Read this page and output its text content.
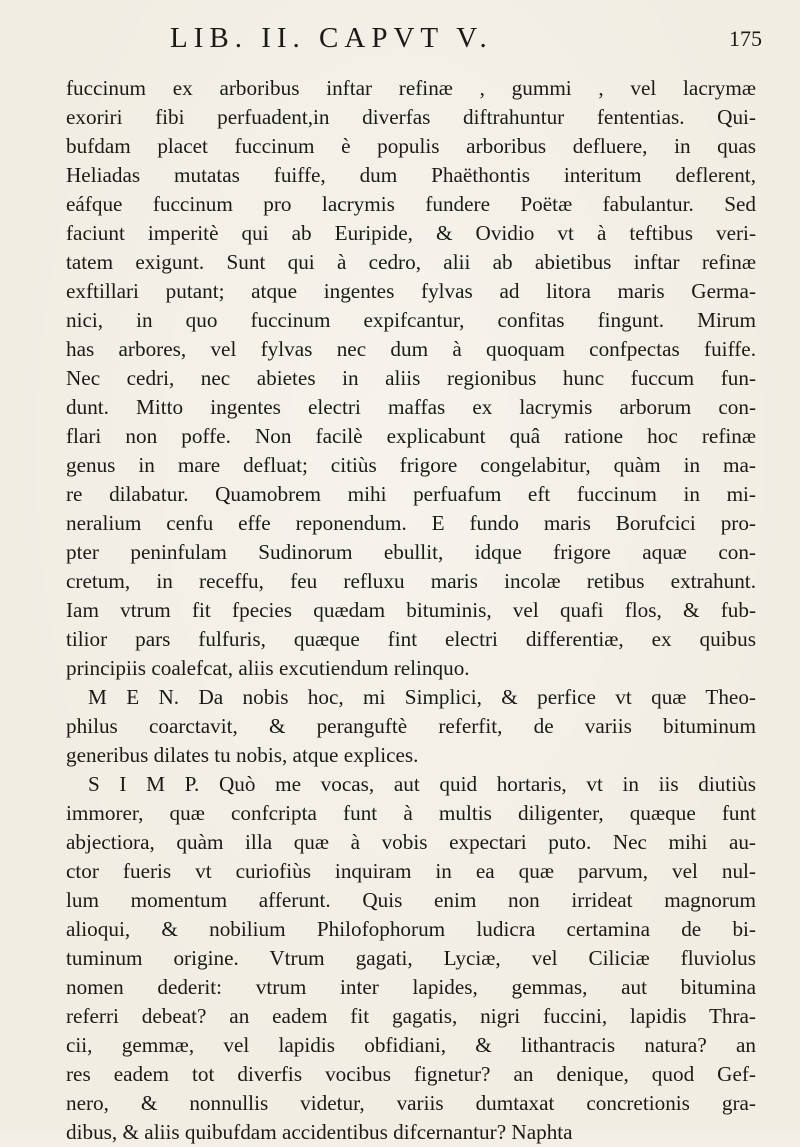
LIB. II. CAPVT V.	175
fuccinum ex arboribus inftar refinæ , gummi , vel lacrymæ
exoriri fibi perfuadent,in diverfas diftrahuntur fententias. Qui-
bufdam placet fuccinum è populis arboribus defluere, in quas
Heliadas mutatas fuiffe, dum Phaëthontis interitum deflerent,
eáfque fuccinum pro lacrymis fundere Poëtæ fabulantur. Sed
faciunt imperitè qui ab Euripide, & Ovidio vt à teftibus veri-
tatem exigunt. Sunt qui à cedro, alii ab abietibus inftar refinæ
exftillari putant; atque ingentes fylvas ad litora maris Germa-
nici, in quo fuccinum expifcantur, confitas fingunt. Mirum
has arbores, vel fylvas nec dum à quoquam confpectas fuiffe.
Nec cedri, nec abietes in aliis regionibus hunc fuccum fun-
dunt. Mitto ingentes electri maffas ex lacrymis arborum con-
flari non poffe. Non facilè explicabunt quâ ratione hoc refinæ
genus in mare defluat; citiùs frigore congelabitur, quàm in ma-
re dilabatur. Quamobrem mihi perfuafum eft fuccinum in mi-
neralium cenfu effe reponendum. E fundo maris Borufcici pro-
pter peninfulam Sudinorum ebullit, idque frigore aquæ con-
cretum, in receffu, feu refluxu maris incolæ retibus extrahunt.
Iam vtrum fit fpecies quædam bituminis, vel quafi flos, & fub-
tilior pars fulfuris, quæque fint electri differentiæ, ex quibus
principiis coalefcat, aliis excutiendum relinquo.
M E N. Da nobis hoc, mi Simplici, & perfice vt quæ Theo-
philus coarctavit, & peranguftè referfit, de variis bituminum
generibus dilates tu nobis, atque explices.
S I M P. Quò me vocas, aut quid hortaris, vt in iis diutiùs
immorer, quæ confcripta funt à multis diligenter, quæque funt
abjectiora, quàm illa quæ à vobis expectari puto. Nec mihi au-
ctor fueris vt curiofiùs inquiram in ea quæ parvum, vel nul-
lum momentum afferunt. Quis enim non irrideat magnorum
alioqui, & nobilium Philofophorum ludicra certamina de bi-
tuminum origine. Vtrum gagati, Lyciæ, vel Ciliciæ fluviolus
nomen dederit: vtrum inter lapides, gemmas, aut bitumina
referri debeat? an eadem fit gagatis, nigri fuccini, lapidis Thra-
cii, gemmæ, vel lapidis obfidiani, & lithantracis natura? an
res eadem tot diverfis vocibus fignetur? an denique, quod Gef-
nero, & nonnullis videtur, variis dumtaxat concretionis gra-
dibus, & aliis quibufdam accidentibus difcernantur? Naphta
